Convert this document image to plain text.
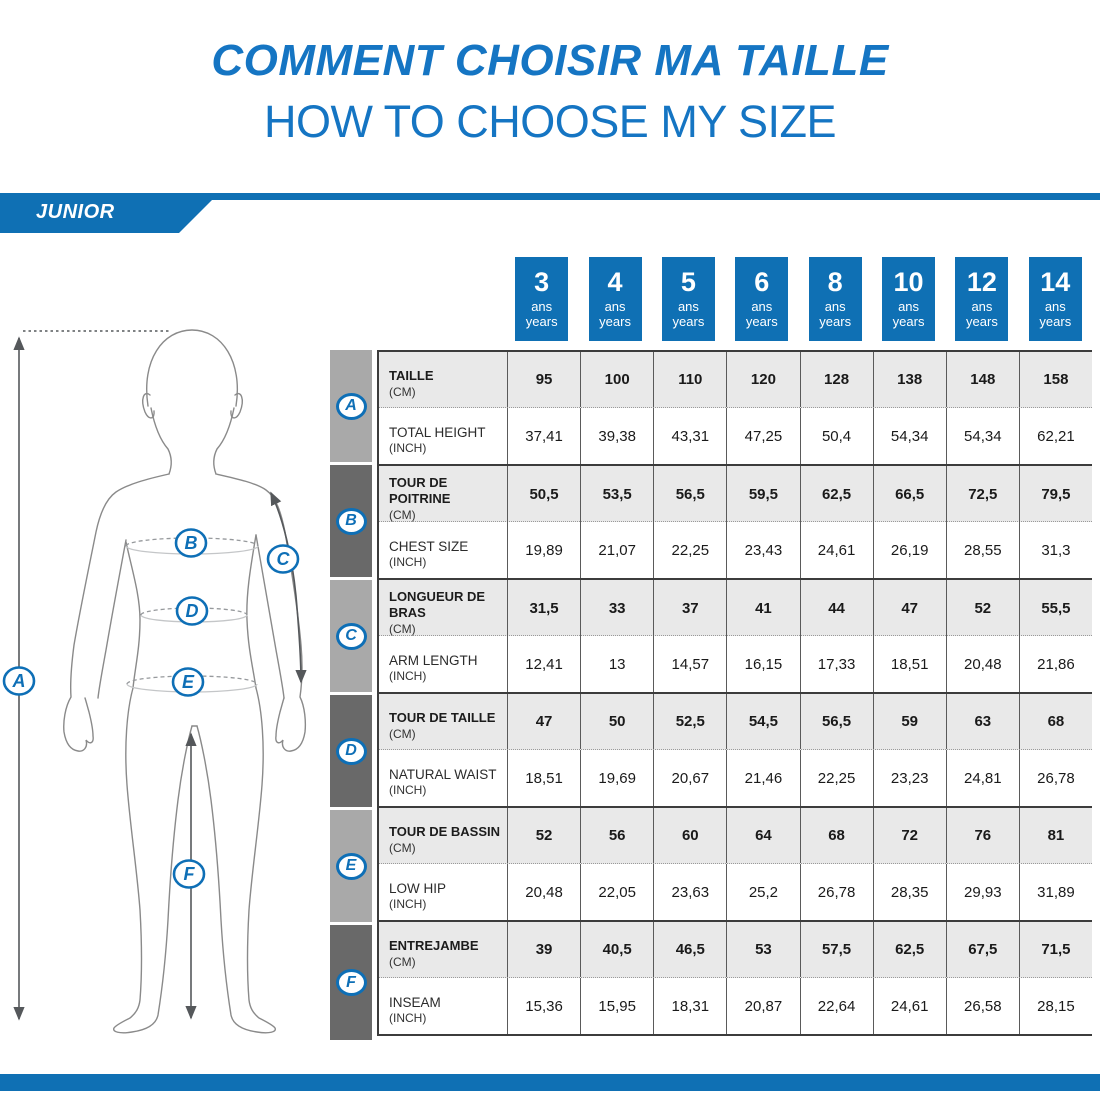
COMMENT CHOISIR MA TAILLE
HOW TO CHOOSE MY SIZE
JUNIOR
A
B
C
D
E
F
3
ans
years
4
ans
years
5
ans
years
6
ans
years
8
ans
years
10
ans
years
12
ans
years
14
ans
years
A
B
C
D
E
F
TAILLE
(CM)
95	100	110	120	128	138	148	158
TOTAL HEIGHT
(INCH)
37,41	39,38	43,31	47,25	50,4	54,34	54,34	62,21
TOUR DE POITRINE
(CM)
50,5	53,5	56,5	59,5	62,5	66,5	72,5	79,5
CHEST SIZE
(INCH)
19,89	21,07	22,25	23,43	24,61	26,19	28,55	31,3
LONGUEUR DE BRAS
(CM)
31,5	33	37	41	44	47	52	55,5
ARM LENGTH
(INCH)
12,41	13	14,57	16,15	17,33	18,51	20,48	21,86
TOUR DE TAILLE
(CM)
47	50	52,5	54,5	56,5	59	63	68
NATURAL WAIST
(INCH)
18,51	19,69	20,67	21,46	22,25	23,23	24,81	26,78
TOUR DE BASSIN
(CM)
52	56	60	64	68	72	76	81
LOW HIP
(INCH)
20,48	22,05	23,63	25,2	26,78	28,35	29,93	31,89
ENTREJAMBE
(CM)
39	40,5	46,5	53	57,5	62,5	67,5	71,5
INSEAM
(INCH)
15,36	15,95	18,31	20,87	22,64	24,61	26,58	28,15
